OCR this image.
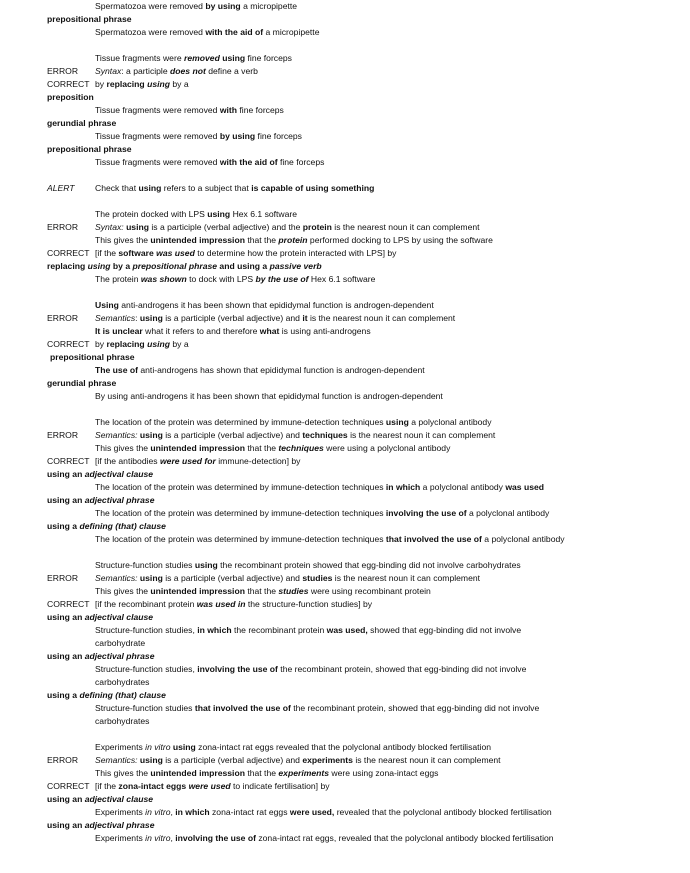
Spermatozoa were removed by using a micropipette
prepositional phrase
Spermatozoa were removed with the aid of a micropipette
Tissue fragments were removed using fine forceps
ERROR Syntax: a participle does not define a verb
CORRECT by replacing using by a
preposition
Tissue fragments were removed with fine forceps
gerundial phrase
Tissue fragments were removed by using fine forceps
prepositional phrase
Tissue fragments were removed with the aid of fine forceps
ALERT Check that using refers to a subject that is capable of using something
The protein docked with LPS using Hex 6.1 software
ERROR Syntax: using is a participle (verbal adjective) and the protein is the nearest noun it can complement
This gives the unintended impression that the protein performed docking to LPS by using the software
CORRECT [if the software was used to determine how the protein interacted with LPS] by
replacing using by a prepositional phrase and using a passive verb
The protein was shown to dock with LPS by the use of Hex 6.1 software
Using anti-androgens it has been shown that epididymal function is androgen-dependent
ERROR Semantics: using is a participle (verbal adjective) and it is the nearest noun it can complement
It is unclear what it refers to and therefore what is using anti-androgens
CORRECT by replacing using by a
prepositional phrase
The use of anti-androgens has shown that epididymal function is androgen-dependent
gerundial phrase
By using anti-androgens it has been shown that epididymal function is androgen-dependent
The location of the protein was determined by immune-detection techniques using a polyclonal antibody
ERROR Semantics: using is a participle (verbal adjective) and techniques is the nearest noun it can complement
This gives the unintended impression that the techniques were using a polyclonal antibody
CORRECT [if the antibodies were used for immune-detection] by
using an adjectival clause
The location of the protein was determined by immune-detection techniques in which a polyclonal antibody was used
using an adjectival phrase
The location of the protein was determined by immune-detection techniques involving the use of a polyclonal antibody
using a defining (that) clause
The location of the protein was determined by immune-detection techniques that involved the use of a polyclonal antibody
Structure-function studies using the recombinant protein showed that egg-binding did not involve carbohydrates
ERROR Semantics: using is a participle (verbal adjective) and studies is the nearest noun it can complement
This gives the unintended impression that the studies were using recombinant protein
CORRECT [if the recombinant protein was used in the structure-function studies] by
using an adjectival clause
Structure-function studies, in which the recombinant protein was used, showed that egg-binding did not involve
carbohydrate
using an adjectival phrase
Structure-function studies, involving the use of the recombinant protein, showed that egg-binding did not involve
carbohydrates
using a defining (that) clause
Structure-function studies that involved the use of the recombinant protein, showed that egg-binding did not involve
carbohydrates
Experiments in vitro using zona-intact rat eggs revealed that the polyclonal antibody blocked fertilisation
ERROR Semantics: using is a participle (verbal adjective) and experiments is the nearest noun it can complement
This gives the unintended impression that the experiments were using zona-intact eggs
CORRECT [if the zona-intact eggs were used to indicate fertilisation] by
using an adjectival clause
Experiments in vitro, in which zona-intact rat eggs were used, revealed that the polyclonal antibody blocked fertilisation
using an adjectival phrase
Experiments in vitro, involving the use of zona-intact rat eggs, revealed that the polyclonal antibody blocked fertilisation
